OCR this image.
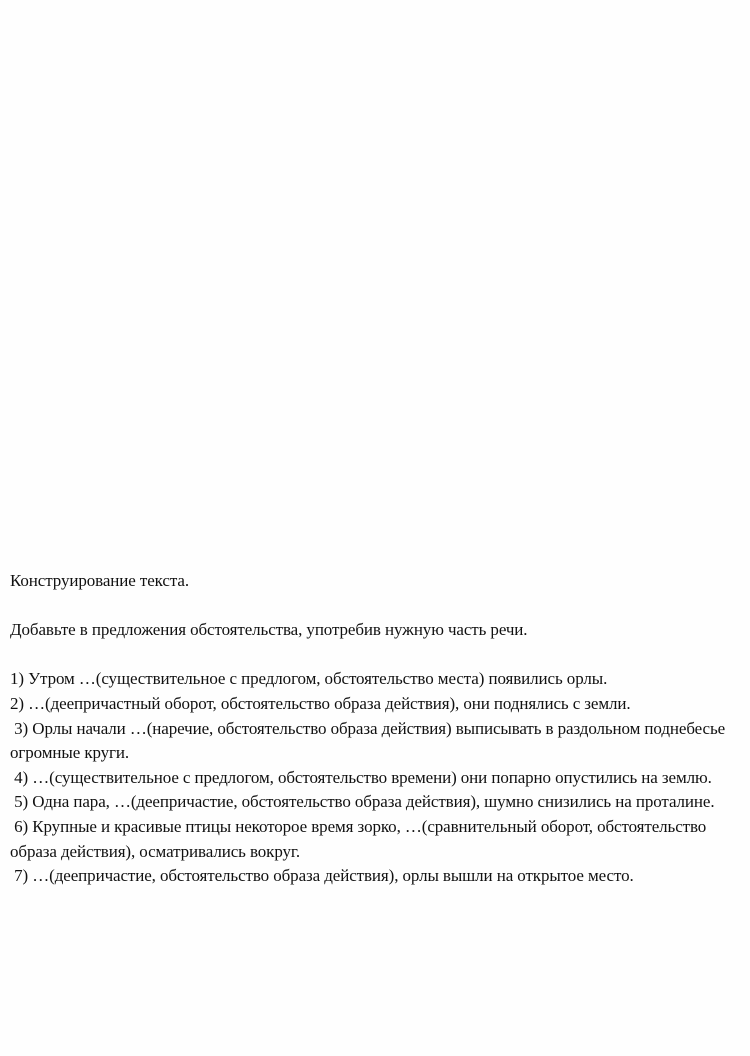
Конструирование текста.

Добавьте в предложения обстоятельства, употребив нужную часть речи.

1) Утром …(существительное с предлогом, обстоятельство места) появились орлы.
2) …(деепричастный оборот, обстоятельство образа действия), они поднялись с земли.
3) Орлы начали …(наречие, обстоятельство образа действия) выписывать в раздольном поднебесье огромные круги.
4) …(существительное с предлогом, обстоятельство времени) они попарно опустились на землю.
5) Одна пара, …(деепричастие, обстоятельство образа действия), шумно снизились на проталине.
6) Крупные и красивые птицы некоторое время зорко, …(сравнительный оборот, обстоятельство образа действия), осматривались вокруг.
7) …(деепричастие, обстоятельство образа действия), орлы вышли на открытое место.
